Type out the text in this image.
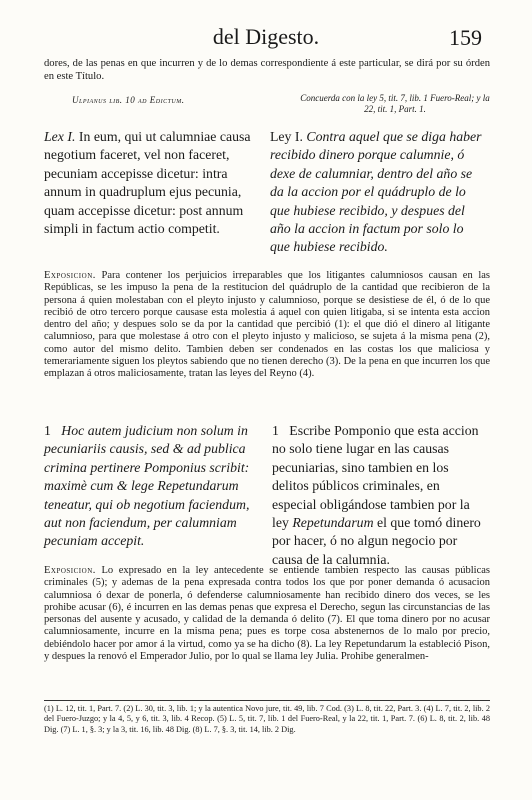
del Digesto.	159
dores, de las penas en que incurren y de lo demas correspondiente á este particular, se dirá por su órden en este Título.
Ulpianus lib. 10 ad Edictum.	Concuerda con la ley 5, tit. 7, lib. 1 Fuero-Real; y la 22, tit. 1, Part. 1.
Lex I. In eum, qui ut calumniae causa negotium faceret, vel non faceret, pecuniam accepisse dicetur: intra annum in quadruplum ejus pecunia, quam accepisse dicetur: post annum simpli in factum actio competit.
Ley I. Contra aquel que se diga haber recibido dinero porque calumnie, ó dexe de calumniar, dentro del año se da la accion por el quádruplo de lo que hubiese recibido, y despues del año la accion in factum por solo lo que hubiese recibido.
Exposicion. Para contener los perjuicios irreparables que los litigantes calumniosos causan en las Repúblicas, se les impuso la pena de la restitucion del quádruplo de la cantidad que recibieron de la persona á quien molestaban con el pleyto injusto y calumnioso, porque se desistiese de él, ó de lo que recibió de otro tercero porque causase esta molestia á aquel con quien litigaba, si se intenta esta accion dentro del año; y despues solo se da por la cantidad que percibió (1): el que dió el dinero al litigante calumnioso, para que molestase á otro con el pleyto injusto y malicioso, se sujeta á la misma pena (2), como autor del mismo delito. Tambien deben ser condenados en las costas los que maliciosa y temerariamente siguen los pleytos sabiendo que no tienen derecho (3). De la pena en que incurren los que emplazan á otros maliciosamente, tratan las leyes del Reyno (4).
1 Hoc autem judicium non solum in pecuniariis causis, sed & ad publica crimina pertinere Pomponius scribit: maximè cum & lege Repetundarum teneatur, qui ob negotium faciendum, aut non faciendum, per calumniam pecuniam accepit.
1 Escribe Pomponio que esta accion no solo tiene lugar en las causas pecuniarias, sino tambien en los delitos públicos criminales, en especial obligándose tambien por la ley Repetundarum el que tomó dinero por hacer, ó no algun negocio por causa de la calumnia.
Exposicion. Lo expresado en la ley antecedente se entiende tambien respecto las causas públicas criminales (5); y ademas de la pena expresada contra todos los que por poner demanda ó acusacion calumniosa ó dexar de ponerla, ó defenderse calumniosamente han recibido dinero dos veces, se les prohibe acusar (6), é incurren en las demas penas que expresa el Derecho, segun las circunstancias de las personas del ausente y acusado, y calidad de la demanda ó delito (7). El que toma dinero por no acusar calumniosamente, incurre en la misma pena; pues es torpe cosa abstenernos de lo malo por precio, debiéndolo hacer por amor á la virtud, como ya se ha dicho (8). La ley Repetundarum la estableció Pison, y despues la renovó el Emperador Julio, por lo qual se llama ley Julia. Prohibe generalmen-
(1) L. 12, tit. 1, Part. 7. (2) L. 30, tit. 3, lib. 1; y la autentica Novo jure, tit. 49, lib. 7 Cod. (3) L. 8, tit. 22, Part. 3. (4) L. 7, tit. 2, lib. 2 del Fuero-Juzgo; y la 4, 5, y 6, tit. 3, lib. 4 Recop. (5) L. 5, tit. 7, lib. 1 del Fuero-Real, y la 22, tit. 1, Part. 7. (6) L. 8, tit. 2, lib. 48 Dig. (7) L. 1, §. 3; y la 3, tit. 16, lib. 48 Dig. (8) L. 7, §. 3, tit. 14, lib. 2 Dig.
